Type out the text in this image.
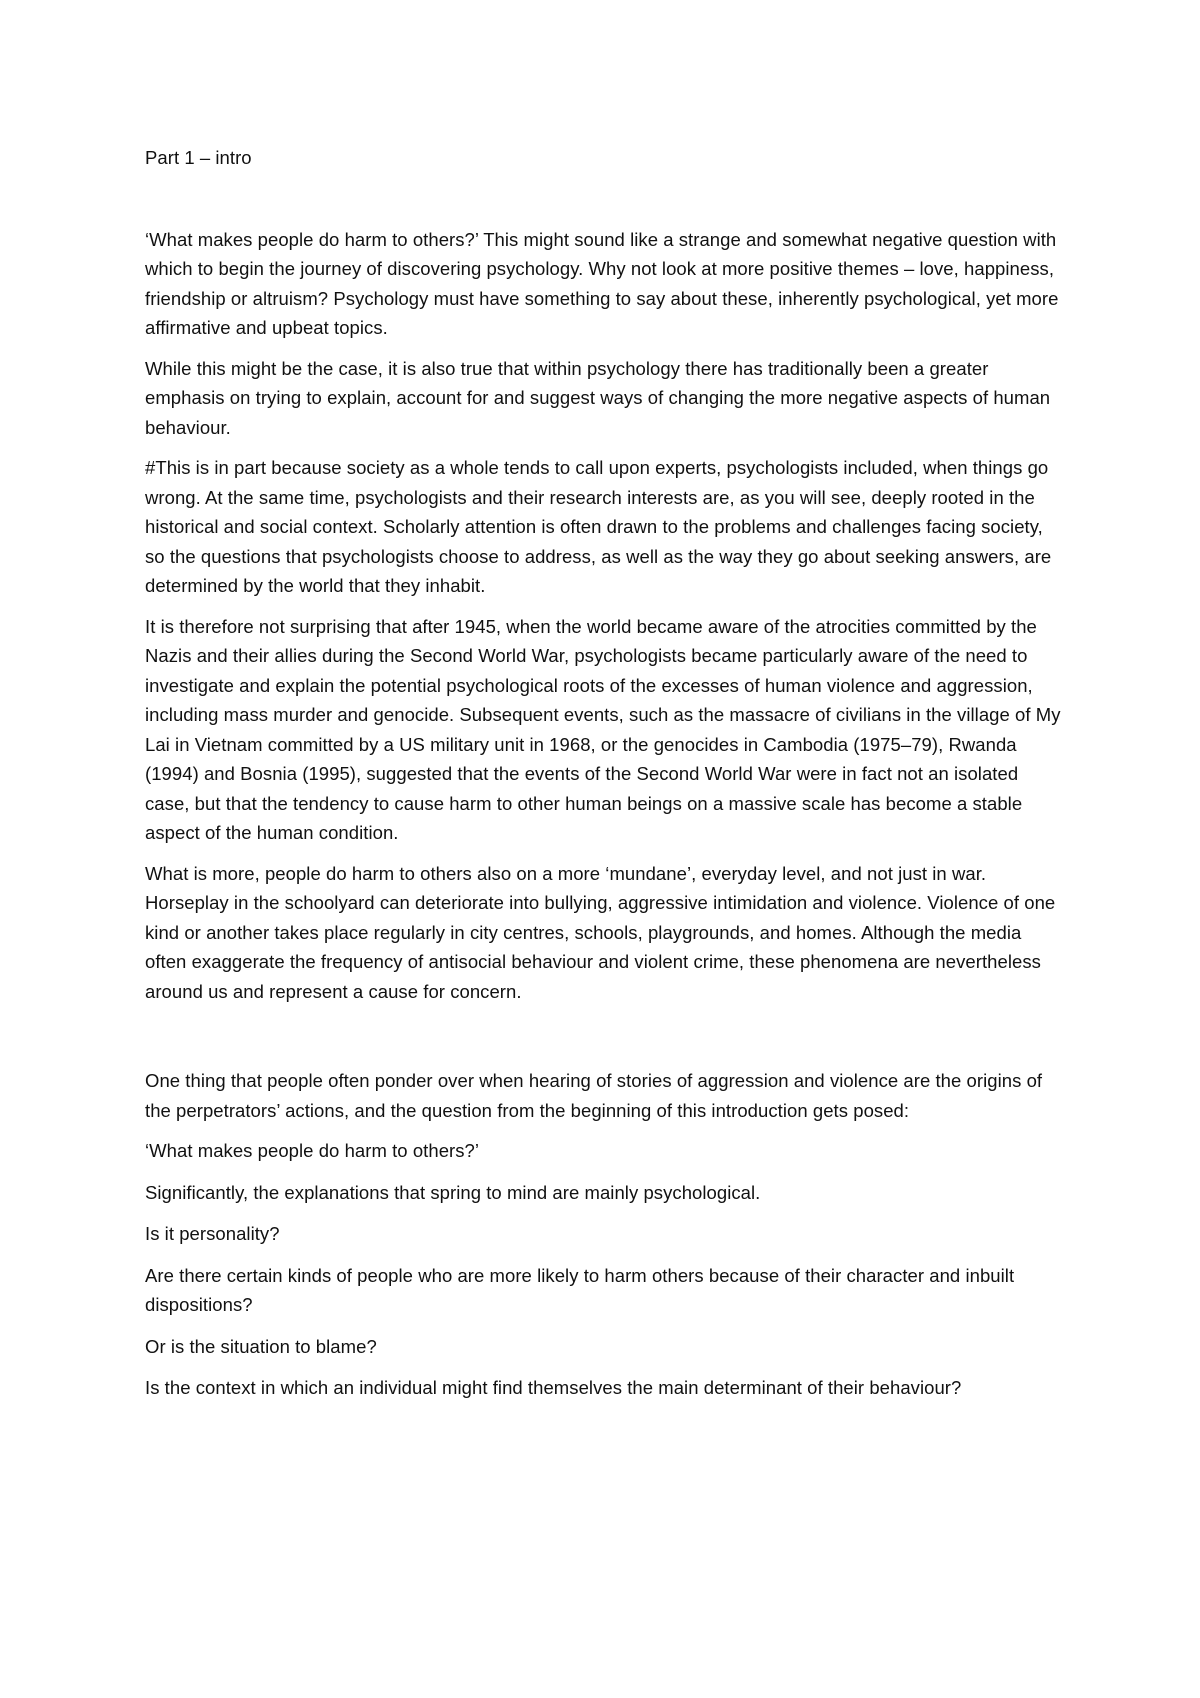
Part 1 – intro

‘What makes people do harm to others?’ This might sound like a strange and somewhat negative question with which to begin the journey of discovering psychology. Why not look at more positive themes – love, happiness, friendship or altruism? Psychology must have something to say about these, inherently psychological, yet more affirmative and upbeat topics.

While this might be the case, it is also true that within psychology there has traditionally been a greater emphasis on trying to explain, account for and suggest ways of changing the more negative aspects of human behaviour.

#This is in part because society as a whole tends to call upon experts, psychologists included, when things go wrong. At the same time, psychologists and their research interests are, as you will see, deeply rooted in the historical and social context. Scholarly attention is often drawn to the problems and challenges facing society, so the questions that psychologists choose to address, as well as the way they go about seeking answers, are determined by the world that they inhabit.

It is therefore not surprising that after 1945, when the world became aware of the atrocities committed by the Nazis and their allies during the Second World War, psychologists became particularly aware of the need to investigate and explain the potential psychological roots of the excesses of human violence and aggression, including mass murder and genocide. Subsequent events, such as the massacre of civilians in the village of My Lai in Vietnam committed by a US military unit in 1968, or the genocides in Cambodia (1975–79), Rwanda (1994) and Bosnia (1995), suggested that the events of the Second World War were in fact not an isolated case, but that the tendency to cause harm to other human beings on a massive scale has become a stable aspect of the human condition.

What is more, people do harm to others also on a more ‘mundane’, everyday level, and not just in war. Horseplay in the schoolyard can deteriorate into bullying, aggressive intimidation and violence. Violence of one kind or another takes place regularly in city centres, schools, playgrounds, and homes. Although the media often exaggerate the frequency of antisocial behaviour and violent crime, these phenomena are nevertheless around us and represent a cause for concern.

One thing that people often ponder over when hearing of stories of aggression and violence are the origins of the perpetrators’ actions, and the question from the beginning of this introduction gets posed:

‘What makes people do harm to others?’

Significantly, the explanations that spring to mind are mainly psychological.

Is it personality?

Are there certain kinds of people who are more likely to harm others because of their character and inbuilt dispositions?

Or is the situation to blame?

Is the context in which an individual might find themselves the main determinant of their behaviour?
